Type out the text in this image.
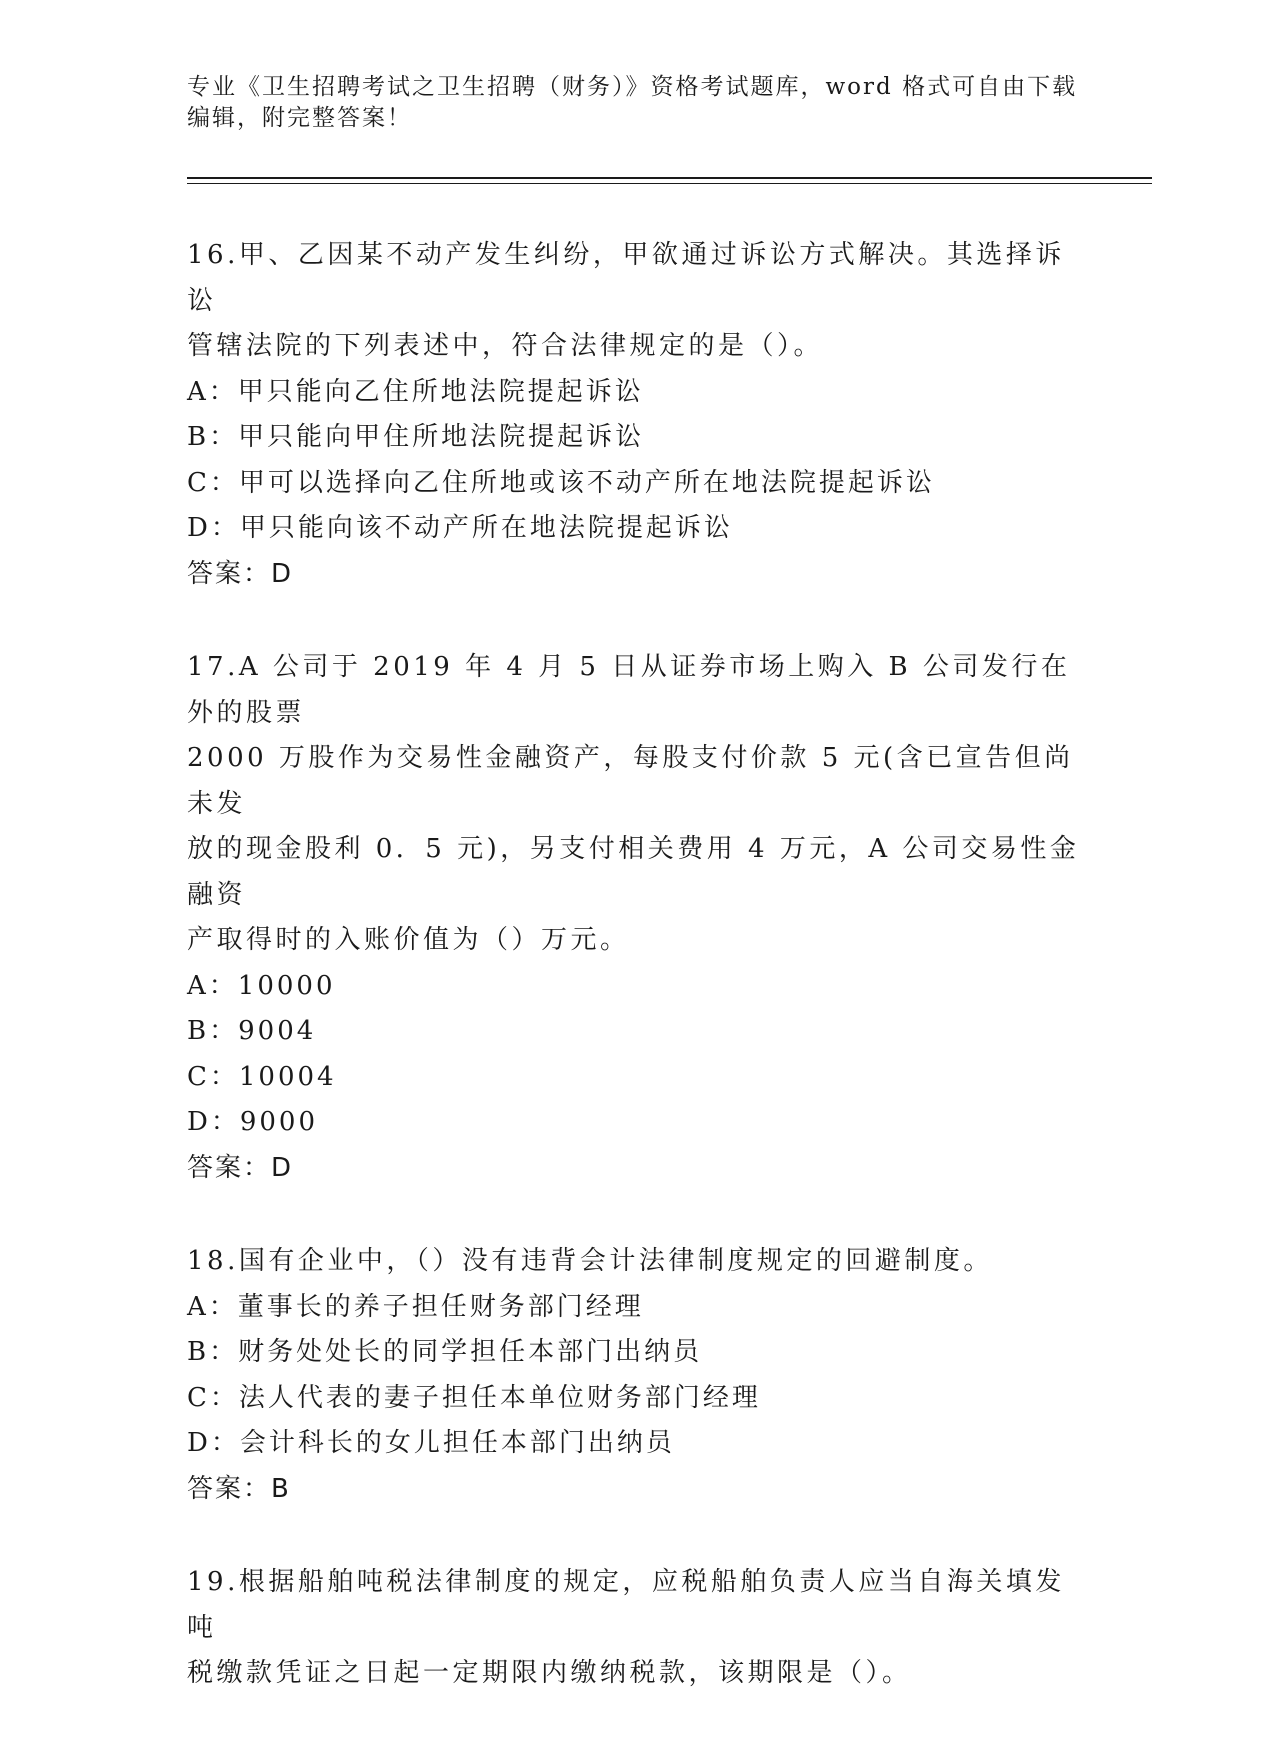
专业《卫生招聘考试之卫生招聘（财务）》资格考试题库，word 格式可自由下载
编辑，附完整答案！
16.甲、乙因某不动产发生纠纷，甲欲通过诉讼方式解决。其选择诉讼
管辖法院的下列表述中，符合法律规定的是（）。
A：甲只能向乙住所地法院提起诉讼
B：甲只能向甲住所地法院提起诉讼
C：甲可以选择向乙住所地或该不动产所在地法院提起诉讼
D：甲只能向该不动产所在地法院提起诉讼
答案：D
17.A 公司于 2019 年 4 月 5 日从证券市场上购入 B 公司发行在外的股票
2000 万股作为交易性金融资产，每股支付价款 5 元(含已宣告但尚未发
放的现金股利 0．5 元)，另支付相关费用 4 万元，A 公司交易性金融资
产取得时的入账价值为（）万元。
A：10000
B：9004
C：10004
D：9000
答案：D
18.国有企业中，（）没有违背会计法律制度规定的回避制度。
A：董事长的养子担任财务部门经理
B：财务处处长的同学担任本部门出纳员
C：法人代表的妻子担任本单位财务部门经理
D：会计科长的女儿担任本部门出纳员
答案：B
19.根据船舶吨税法律制度的规定，应税船舶负责人应当自海关填发吨
税缴款凭证之日起一定期限内缴纳税款，该期限是（）。
